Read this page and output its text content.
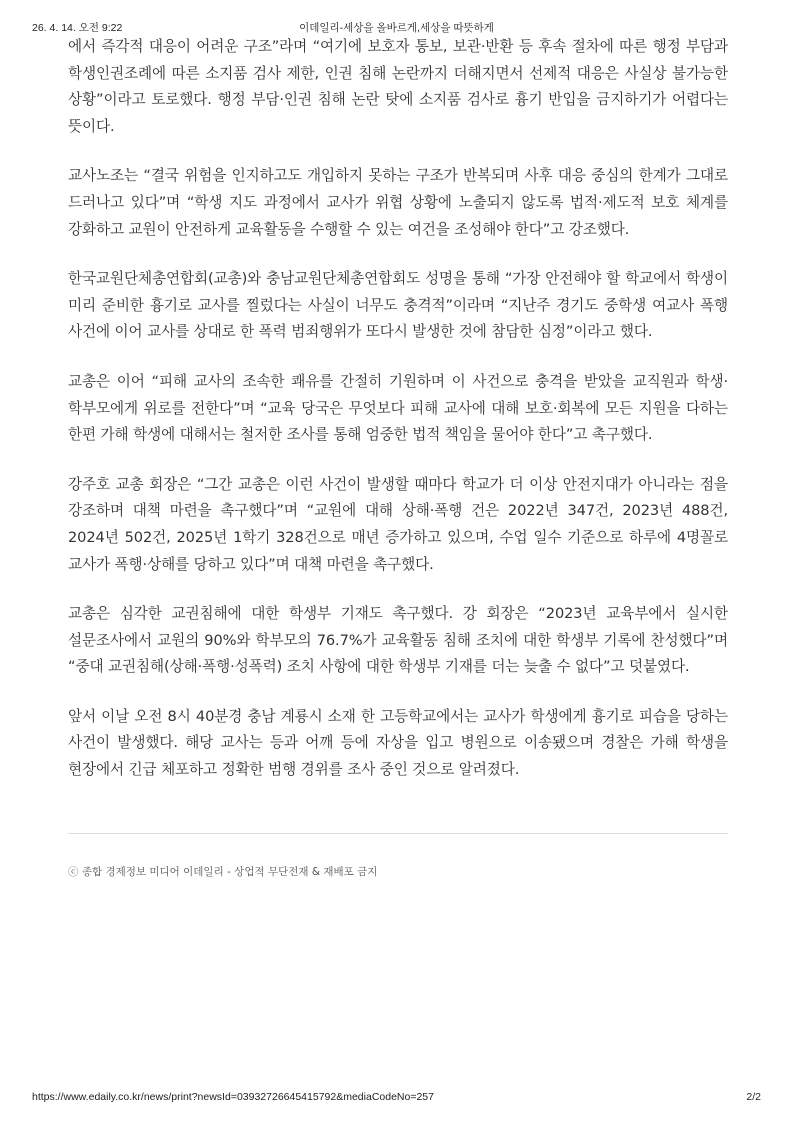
26. 4. 14. 오전 9:22	이데일리-세상을 올바르게,세상을 따뜻하게

에서 즉각적 대응이 어려운 구조”라며 “여기에 보호자 통보, 보관·반환 등 후속 절차에 따른 행정 부담과 학생인권조례에 따른 소지품 검사 제한, 인권 침해 논란까지 더해지면서 선제적 대응은 사실상 불가능한 상황”이라고 토로했다. 행정 부담·인권 침해 논란 탓에 소지품 검사로 흉기 반입을 금지하기가 어렵다는 뜻이다.

교사노조는 “결국 위험을 인지하고도 개입하지 못하는 구조가 반복되며 사후 대응 중심의 한계가 그대로 드러나고 있다”며 “학생 지도 과정에서 교사가 위협 상황에 노출되지 않도록 법적·제도적 보호 체계를 강화하고 교원이 안전하게 교육활동을 수행할 수 있는 여건을 조성해야 한다”고 강조했다.

한국교원단체총연합회(교총)와 충남교원단체총연합회도 성명을 통해 “가장 안전해야 할 학교에서 학생이 미리 준비한 흉기로 교사를 찔렀다는 사실이 너무도 충격적”이라며 “지난주 경기도 중학생 여교사 폭행 사건에 이어 교사를 상대로 한 폭력 범죄행위가 또다시 발생한 것에 참담한 심정”이라고 했다.

교총은 이어 “피해 교사의 조속한 쾌유를 간절히 기원하며 이 사건으로 충격을 받았을 교직원과 학생·학부모에게 위로를 전한다”며 “교육 당국은 무엇보다 피해 교사에 대해 보호·회복에 모든 지원을 다하는 한편 가해 학생에 대해서는 철저한 조사를 통해 엄중한 법적 책임을 물어야 한다”고 촉구했다.

강주호 교총 회장은 “그간 교총은 이런 사건이 발생할 때마다 학교가 더 이상 안전지대가 아니라는 점을 강조하며 대책 마련을 촉구했다”며 “교원에 대해 상해·폭행 건은 2022년 347건, 2023년 488건, 2024년 502건, 2025년 1학기 328건으로 매년 증가하고 있으며, 수업 일수 기준으로 하루에 4명꼴로 교사가 폭행·상해를 당하고 있다”며 대책 마련을 촉구했다.

교총은 심각한 교권침해에 대한 학생부 기재도 촉구했다. 강 회장은 “2023년 교육부에서 실시한 설문조사에서 교원의 90%와 학부모의 76.7%가 교육활동 침해 조치에 대한 학생부 기록에 찬성했다”며 “중대 교권침해(상해·폭행·성폭력) 조치 사항에 대한 학생부 기재를 더는 늦출 수 없다”고 덧붙였다.

앞서 이날 오전 8시 40분경 충남 계룡시 소재 한 고등학교에서는 교사가 학생에게 흉기로 피습을 당하는 사건이 발생했다. 해당 교사는 등과 어깨 등에 자상을 입고 병원으로 이송됐으며 경찰은 가해 학생을 현장에서 긴급 체포하고 정확한 범행 경위를 조사 중인 것으로 알려졌다.

ⓒ 종합 경제정보 미디어 이데일리 - 상업적 무단전재 & 재배포 금지
https://www.edaily.co.kr/news/print?newsId=03932726645415792&mediaCodeNo=257	2/2
